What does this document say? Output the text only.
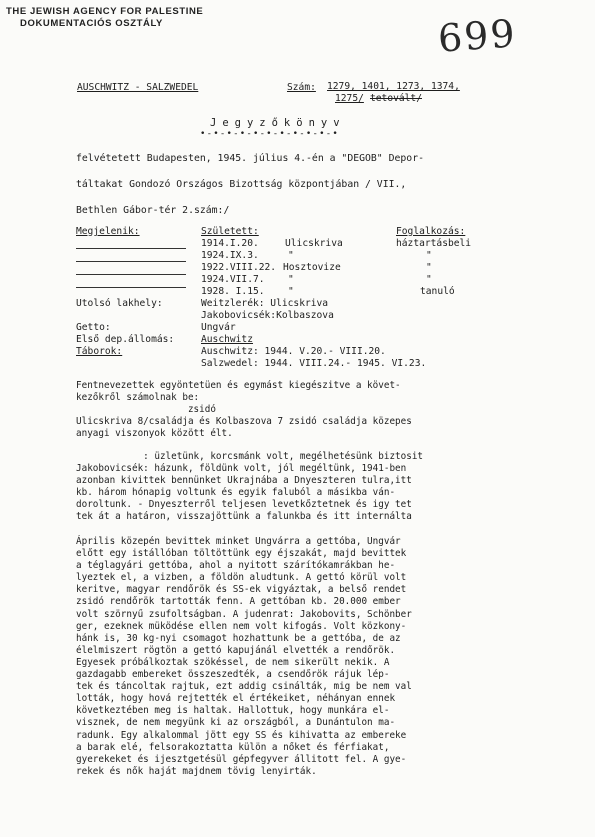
THE JEWISH AGENCY FOR PALESTINE
DOKUMENTACIÓS OSZTÁLY	699
AUSCHWITZ - SALZWEDEL	Szám: 1279, 1401, 1273, 1374,
1275/ tetovált/
Jegyzőkönyv
•-•-•-•-•-•-•-•-•-•-•
felvétetett Budapesten, 1945. július 4.-én a "DEGOB" Depor-
táltakat Gondozó Országos Bizottság központjában / VII.,
Bethlen Gábor-tér 2.szám:/
Megjelenik:	Született:	Foglalkozás:
1914.I.20.	Ulicskriva	háztartásbeli
1924.IX.3.	"	"
1922.VIII.22. Hosztovize	"
1924.VII.7. "	"
1928. I.15. "	tanuló
Utolsó lakhely:	Weitzlerék: Ulicskriva
Jakobovicsék:Kolbaszova
Getto:	Ungvár
Első dep.állomás:	Auschwitz
Táborok:	Auschwitz: 1944. V.20.- VIII.20.
Salzwedel: 1944. VIII.24.- 1945. VI.23.
Fentnevezettek egyöntetüen és egymást kiegészitve a követ-
kezőkről számolnak be:
zsidó
Ulicskriva 8/családja és Kolbaszova 7 zsidó családja közepes
anyagi viszonyok között élt.
: üzletünk, korcsmánk volt, megélhetésünk biztosit
Jakobovicsék: házunk, földünk volt, jól megéltünk, 1941-ben
azonban kivittek bennünket Ukrajnába a Dnyeszteren tulra,itt
kb. három hónapig voltunk és egyik faluból a másikba ván-
doroltunk. - Dnyeszterről teljesen levetkőztetnek és igy tet
tek át a határon, visszajöttünk a falunkba és itt internálta
Április közepén bevittek minket Ungvárra a gettóba, Ungvár
előtt egy istállóban töltöttünk egy éjszakát, majd bevittek
a téglagyári gettóba, ahol a nyitott szárítókamrákban he-
lyeztek el, a vizben, a földön aludtunk. A gettó körül volt
keritve, magyar rendőrök és SS-ek vigyáztak, a belső rendet
zsidó rendőrök tartották fenn. A gettóban kb. 20.000 ember
volt szörnyű zsufoltságban. A judenrat: Jakobovits, Schönber
ger, ezeknek müködése ellen nem volt kifogás. Volt közkony-
hánk is, 30 kg-nyi csomagot hozhattunk be a gettóba, de az
élelmiszert rögtön a gettó kapujánál elvették a rendőrök.
Egyesek próbálkoztak szökéssel, de nem sikerült nekik. A
gazdagabb embereket összeszedték, a csendőrök rájuk lép-
tek és táncoltak rajtuk, ezt addig csinálták, mig be nem val
lották, hogy hová rejtették el értékeiket, néhányan ennek
következtében meg is haltak. Hallottuk, hogy munkára el-
visznek, de nem megyünk ki az országból, a Dunántulon ma-
radunk. Egy alkalommal jött egy SS és kihivatta az embereke
a barak elé, felsorakoztatta külön a nőket és férfiakat,
gyerekeket és ijesztgetésül gépfegyver állitott fel. A gye-
rekek és nők haját majdnem tövig lenyirták.
